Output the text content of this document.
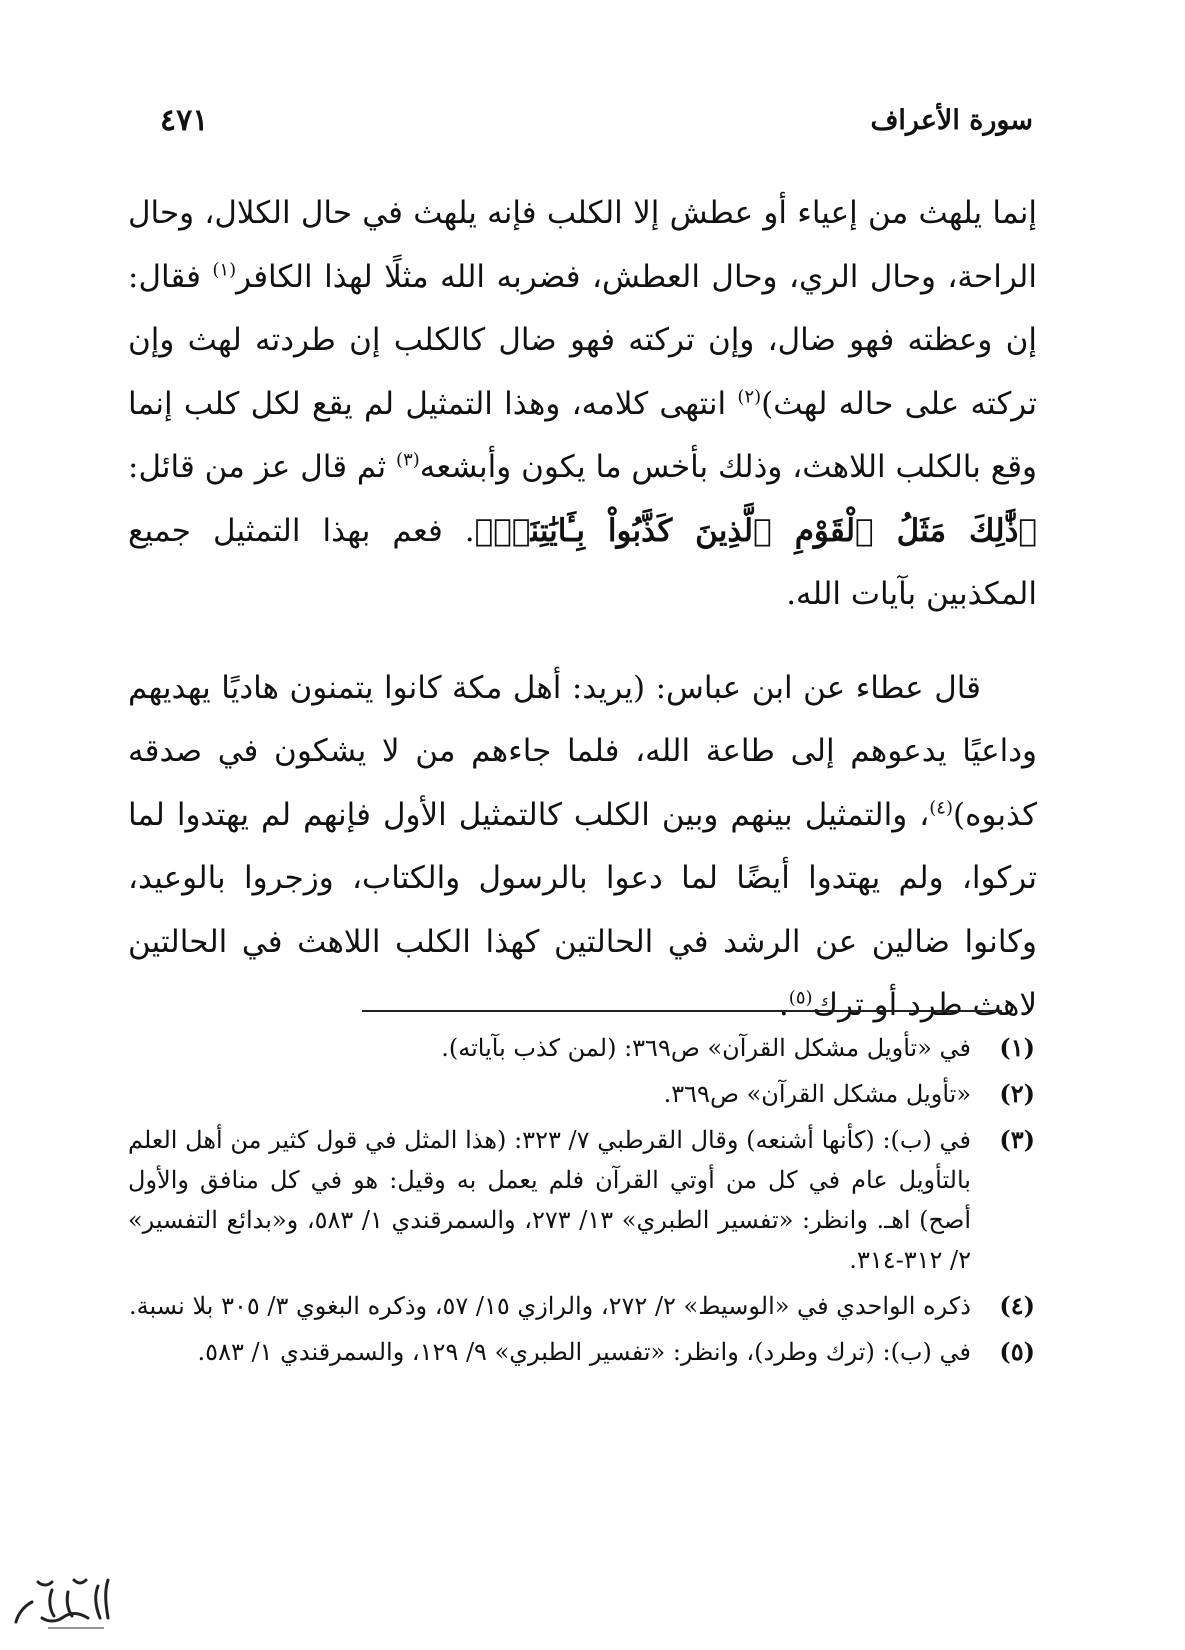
سورة الأعراف
٤٧١

إنما يلهث من إعياء أو عطش إلا الكلب فإنه يلهث في حال الكلال، وحال الراحة، وحال الري، وحال العطش، فضربه الله مثلًا لهذا الكافر$^{(١)}$ فقال: إن وعظته فهو ضال، وإن تركته فهو ضال كالكلب إن طردته لهث وإن تركته على حاله لهث)$^{(٢)}$ انتهى كلامه، وهذا التمثيل لم يقع لكل كلب إنما وقع بالكلب اللاهث، وذلك بأخس ما يكون وأبشعه$^{(٣)}$ ثم قال عز من قائل: ﴿ذَّٰلِكَ مَثَلُ ٱلْقَوْمِ ٱلَّذِينَ كَذَّبُواْ بِـَٔايَٰتِنَاۚ﴾. فعم بهذا التمثيل جميع المكذبين بآيات الله.

قال عطاء عن ابن عباس: (يريد: أهل مكة كانوا يتمنون هاديًا يهديهم وداعيًا يدعوهم إلى طاعة الله، فلما جاءهم من لا يشكون في صدقه كذبوه)$^{(٤)}$، والتمثيل بينهم وبين الكلب كالتمثيل الأول فإنهم لم يهتدوا لما تركوا، ولم يهتدوا أيضًا لما دعوا بالرسول والكتاب، وزجروا بالوعيد، وكانوا ضالين عن الرشد في الحالتين كهذا الكلب اللاهث في الحالتين لاهث طرد أو ترك$^{(٥)}$.

(١)
في «تأويل مشكل القرآن» ص٣٦٩: (لمن كذب بآياته).
(٢)
«تأويل مشكل القرآن» ص٣٦٩.
(٣)
في (ب): (كأنها أشنعه) وقال القرطبي ٧/ ٣٢٣: (هذا المثل في قول كثير من أهل العلم بالتأويل عام في كل من أوتي القرآن فلم يعمل به وقيل: هو في كل منافق والأول أصح) اهـ. وانظر: «تفسير الطبري» ١٣/ ٢٧٣، والسمرقندي ١/ ٥٨٣، و«بدائع التفسير» ٢/ ٣١٢-٣١٤.
(٤)
ذكره الواحدي في «الوسيط» ٢/ ٢٧٢، والرازي ١٥/ ٥٧، وذكره البغوي ٣/ ٣٠٥ بلا نسبة.
(٥)
في (ب): (ترك وطرد)، وانظر: «تفسير الطبري» ٩/ ١٢٩، والسمرقندي ١/ ٥٨٣.
